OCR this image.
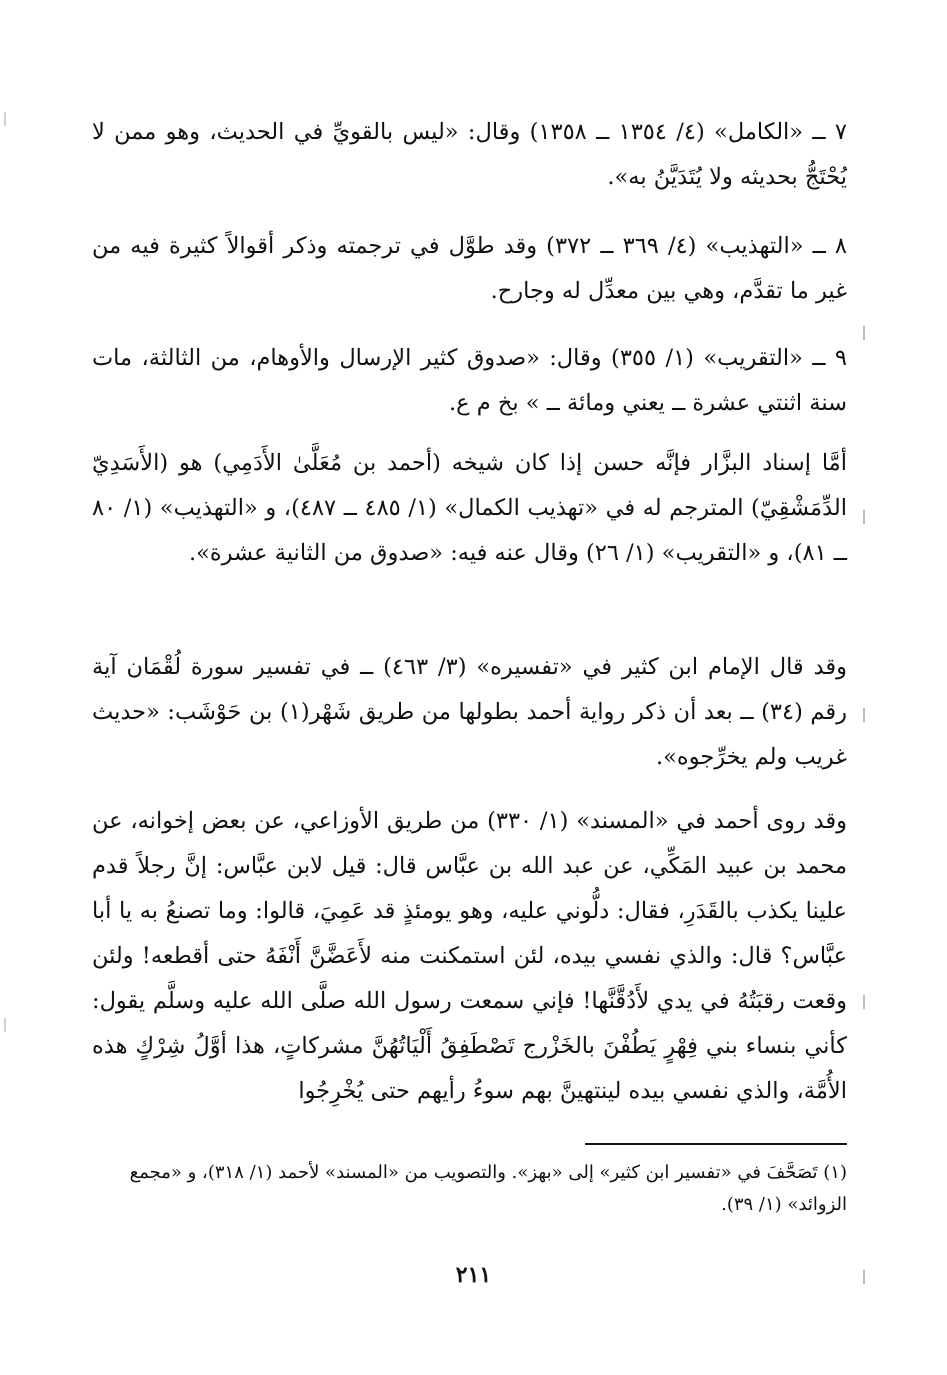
٧ ــ «الكامل» (٤/ ١٣٥٤ ــ ١٣٥٨) وقال: «ليس بالقويِّ في الحديث، وهو ممن لا يُحْتَجُّ بحديثه ولا يُتَدَيَّنُ به».

٨ ــ «التهذيب» (٤/ ٣٦٩ ــ ٣٧٢) وقد طوَّل في ترجمته وذكر أقوالاً كثيرة فيه من غير ما تقدَّم، وهي بين معدِّل له وجارح.

٩ ــ «التقريب» (١/ ٣٥٥) وقال: «صدوق كثير الإرسال والأوهام، من الثالثة، مات سنة اثنتي عشرة ــ يعني ومائة ــ » بخ م ع.

أمَّا إسناد البزَّار فإنَّه حسن إذا كان شيخه (أحمد بن مُعَلَّىٰ الأَدَمِي) هو (الأَسَدِيّ الدِّمَشْقِيّ) المترجم له في «تهذيب الكمال» (١/ ٤٨٥ ــ ٤٨٧)، و «التهذيب» (١/ ٨٠ ــ ٨١)، و «التقريب» (١/ ٢٦) وقال عنه فيه: «صدوق من الثانية عشرة».

وقد قال الإمام ابن كثير في «تفسيره» (٣/ ٤٦٣) ــ في تفسير سورة لُقْمَان آية رقم (٣٤) ــ بعد أن ذكر رواية أحمد بطولها من طريق شَهْر(١) بن حَوْشَب: «حديث غريب ولم يخرِّجوه».

وقد روى أحمد في «المسند» (١/ ٣٣٠) من طريق الأوزاعي، عن بعض إخوانه، عن محمد بن عبيد المَكِّي، عن عبد الله بن عبَّاس قال: قيل لابن عبَّاس: إنَّ رجلاً قدم علينا يكذب بالقَدَرِ، فقال: دلُّوني عليه، وهو يومئذٍ قد عَمِيَ، قالوا: وما تصنعُ به يا أبا عبَّاس؟ قال: والذي نفسي بيده، لئن استمكنت منه لأَعَضَّنَّ أَنْفَهُ حتى أقطعه! ولئن وقعت رقبَتُهُ في يدي لأَدُقَّنَّها! فإني سمعت رسول الله صلَّى الله عليه وسلَّم يقول: كأني بنساء بني فِهْرٍ يَطُفْنَ بالخَزْرج تَصْطَفِقُ أَلْيَاتُهُنَّ مشركاتٍ، هذا أوَّلُ شِرْكٍ هذه الأُمَّة، والذي نفسي بيده لينتهينَّ بهم سوءُ رأيهم حتى يُخْرِجُوا

(١) تَصَحَّفَ في «تفسير ابن كثير» إلى «بهز». والتصويب من «المسند» لأحمد (١/ ٣١٨)، و «مجمع الزوائد» (١/ ٣٩).

٢١١
